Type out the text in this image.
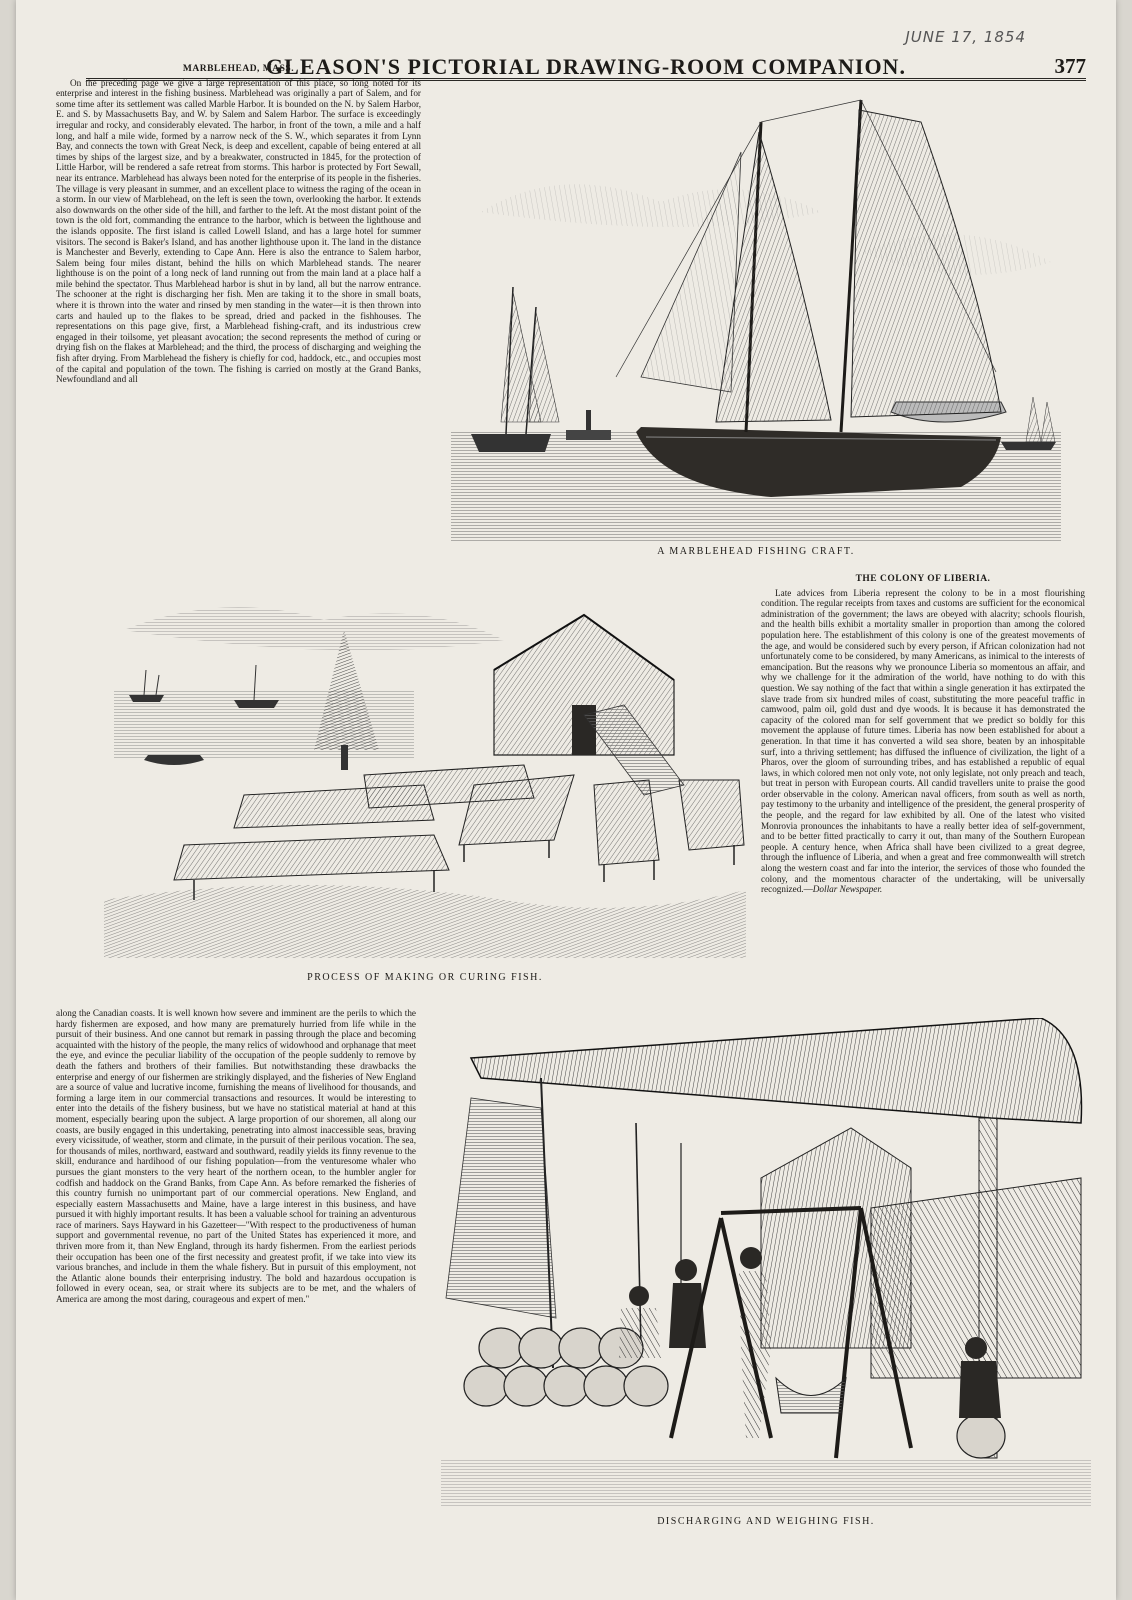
JUNE 17, 1854
GLEASON'S PICTORIAL DRAWING-ROOM COMPANION.	377
MARBLEHEAD, MASS.

On the preceding page we give a large representation of this place, so long noted for its enterprise and interest in the fishing business. Marblehead was originally a part of Salem, and for some time after its settlement was called Marble Harbor. It is bounded on the N. by Salem Harbor, E. and S. by Massachusetts Bay, and W. by Salem and Salem Harbor. The surface is exceedingly irregular and rocky, and considerably elevated. The harbor, in front of the town, a mile and a half long, and half a mile wide, formed by a narrow neck of the S. W., which separates it from Lynn Bay, and connects the town with Great Neck, is deep and excellent, capable of being entered at all times by ships of the largest size, and by a breakwater, constructed in 1845, for the protection of Little Harbor, will be rendered a safe retreat from storms. This harbor is protected by Fort Sewall, near its entrance. Marblehead has always been noted for the enterprise of its people in the fisheries. The village is very pleasant in summer, and an excellent place to witness the raging of the ocean in a storm. In our view of Marblehead, on the left is seen the town, overlooking the harbor. It extends also downwards on the other side of the hill, and farther to the left. At the most distant point of the town is the old fort, commanding the entrance to the harbor, which is between the lighthouse and the islands opposite. The first island is called Lowell Island, and has a large hotel for summer visitors. The second is Baker's Island, and has another lighthouse upon it. The land in the distance is Manchester and Beverly, extending to Cape Ann. Here is also the entrance to Salem harbor, Salem being four miles distant, behind the hills on which Marblehead stands. The nearer lighthouse is on the point of a long neck of land running out from the main land at a place half a mile behind the spectator. Thus Marblehead harbor is shut in by land, all but the narrow entrance. The schooner at the right is discharging her fish. Men are taking it to the shore in small boats, where it is thrown into the water and rinsed by men standing in the water—it is then thrown into carts and hauled up to the flakes to be spread, dried and packed in the fishhouses. The representations on this page give, first, a Marblehead fishing-craft, and its industrious crew engaged in their toilsome, yet pleasant avocation; the second represents the method of curing or drying fish on the flakes at Marblehead; and the third, the process of discharging and weighing the fish after drying. From Marblehead the fishery is chiefly for cod, haddock, etc., and occupies most of the capital and population of the town. The fishing is carried on mostly at the Grand Banks, Newfoundland and all

A MARBLEHEAD FISHING CRAFT.
PROCESS OF MAKING OR CURING FISH.
THE COLONY OF LIBERIA.

Late advices from Liberia represent the colony to be in a most flourishing condition. The regular receipts from taxes and customs are sufficient for the economical administration of the government; the laws are obeyed with alacrity; schools flourish, and the health bills exhibit a mortality smaller in proportion than among the colored population here. The establishment of this colony is one of the greatest movements of the age, and would be considered such by every person, if African colonization had not unfortunately come to be considered, by many Americans, as inimical to the interests of emancipation. But the reasons why we pronounce Liberia so momentous an affair, and why we challenge for it the admiration of the world, have nothing to do with this question. We say nothing of the fact that within a single generation it has extirpated the slave trade from six hundred miles of coast, substituting the more peaceful traffic in camwood, palm oil, gold dust and dye woods. It is because it has demonstrated the capacity of the colored man for self government that we predict so boldly for this movement the applause of future times. Liberia has now been established for about a generation. In that time it has converted a wild sea shore, beaten by an inhospitable surf, into a thriving settlement; has diffused the influence of civilization, the light of a Pharos, over the gloom of surrounding tribes, and has established a republic of equal laws, in which colored men not only vote, not only legislate, not only preach and teach, but treat in person with European courts. All candid travellers unite to praise the good order observable in the colony. American naval officers, from south as well as north, pay testimony to the urbanity and intelligence of the president, the general prosperity of the people, and the regard for law exhibited by all. One of the latest who visited Monrovia pronounces the inhabitants to have a really better idea of self-government, and to be better fitted practically to carry it out, than many of the Southern European people. A century hence, when Africa shall have been civilized to a great degree, through the influence of Liberia, and when a great and free commonwealth will stretch along the western coast and far into the interior, the services of those who founded the colony, and the momentous character of the undertaking, will be universally recognized.—Dollar Newspaper.

along the Canadian coasts. It is well known how severe and imminent are the perils to which the hardy fishermen are exposed, and how many are prematurely hurried from life while in the pursuit of their business. And one cannot but remark in passing through the place and becoming acquainted with the history of the people, the many relics of widowhood and orphanage that meet the eye, and evince the peculiar liability of the occupation of the people suddenly to remove by death the fathers and brothers of their families. But notwithstanding these drawbacks the enterprise and energy of our fishermen are strikingly displayed, and the fisheries of New England are a source of value and lucrative income, furnishing the means of livelihood for thousands, and forming a large item in our commercial transactions and resources. It would be interesting to enter into the details of the fishery business, but we have no statistical material at hand at this moment, especially bearing upon the subject. A large proportion of our shoremen, all along our coasts, are busily engaged in this undertaking, penetrating into almost inaccessible seas, braving every vicissitude, of weather, storm and climate, in the pursuit of their perilous vocation. The sea, for thousands of miles, northward, eastward and southward, readily yields its finny revenue to the skill, endurance and hardihood of our fishing population—from the venturesome whaler who pursues the giant monsters to the very heart of the northern ocean, to the humbler angler for codfish and haddock on the Grand Banks, from Cape Ann. As before remarked the fisheries of this country furnish no unimportant part of our commercial operations. New England, and especially eastern Massachusetts and Maine, have a large interest in this business, and have pursued it with highly important results. It has been a valuable school for training an adventurous race of mariners. Says Hayward in his Gazetteer—"With respect to the productiveness of human support and governmental revenue, no part of the United States has experienced it more, and thriven more from it, than New England, through its hardy fishermen. From the earliest periods their occupation has been one of the first necessity and greatest profit, if we take into view its various branches, and include in them the whale fishery. But in pursuit of this employment, not the Atlantic alone bounds their enterprising industry. The bold and hazardous occupation is followed in every ocean, sea, or strait where its subjects are to be met, and the whalers of America are among the most daring, courageous and expert of men."

DISCHARGING AND WEIGHING FISH.
